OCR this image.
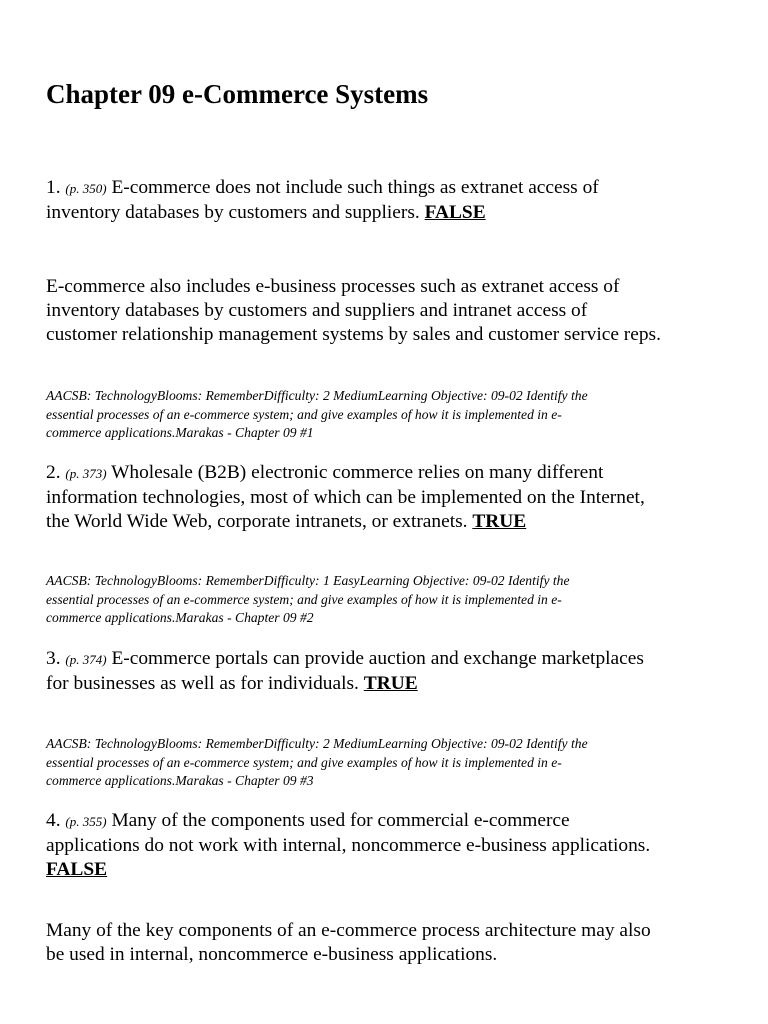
Chapter 09 e-Commerce Systems

1. (p. 350) E-commerce does not include such things as extranet access of
inventory databases by customers and suppliers. FALSE

E-commerce also includes e-business processes such as extranet access of
inventory databases by customers and suppliers and intranet access of
customer relationship management systems by sales and customer service reps.

AACSB: TechnologyBlooms: RememberDifficulty: 2 MediumLearning Objective: 09-02 Identify the
essential processes of an e-commerce system; and give examples of how it is implemented in e-
commerce applications.Marakas - Chapter 09 #1

2. (p. 373) Wholesale (B2B) electronic commerce relies on many different
information technologies, most of which can be implemented on the Internet,
the World Wide Web, corporate intranets, or extranets. TRUE

AACSB: TechnologyBlooms: RememberDifficulty: 1 EasyLearning Objective: 09-02 Identify the
essential processes of an e-commerce system; and give examples of how it is implemented in e-
commerce applications.Marakas - Chapter 09 #2

3. (p. 374) E-commerce portals can provide auction and exchange marketplaces
for businesses as well as for individuals. TRUE

AACSB: TechnologyBlooms: RememberDifficulty: 2 MediumLearning Objective: 09-02 Identify the
essential processes of an e-commerce system; and give examples of how it is implemented in e-
commerce applications.Marakas - Chapter 09 #3

4. (p. 355) Many of the components used for commercial e-commerce
applications do not work with internal, noncommerce e-business applications.
FALSE

Many of the key components of an e-commerce process architecture may also
be used in internal, noncommerce e-business applications.
